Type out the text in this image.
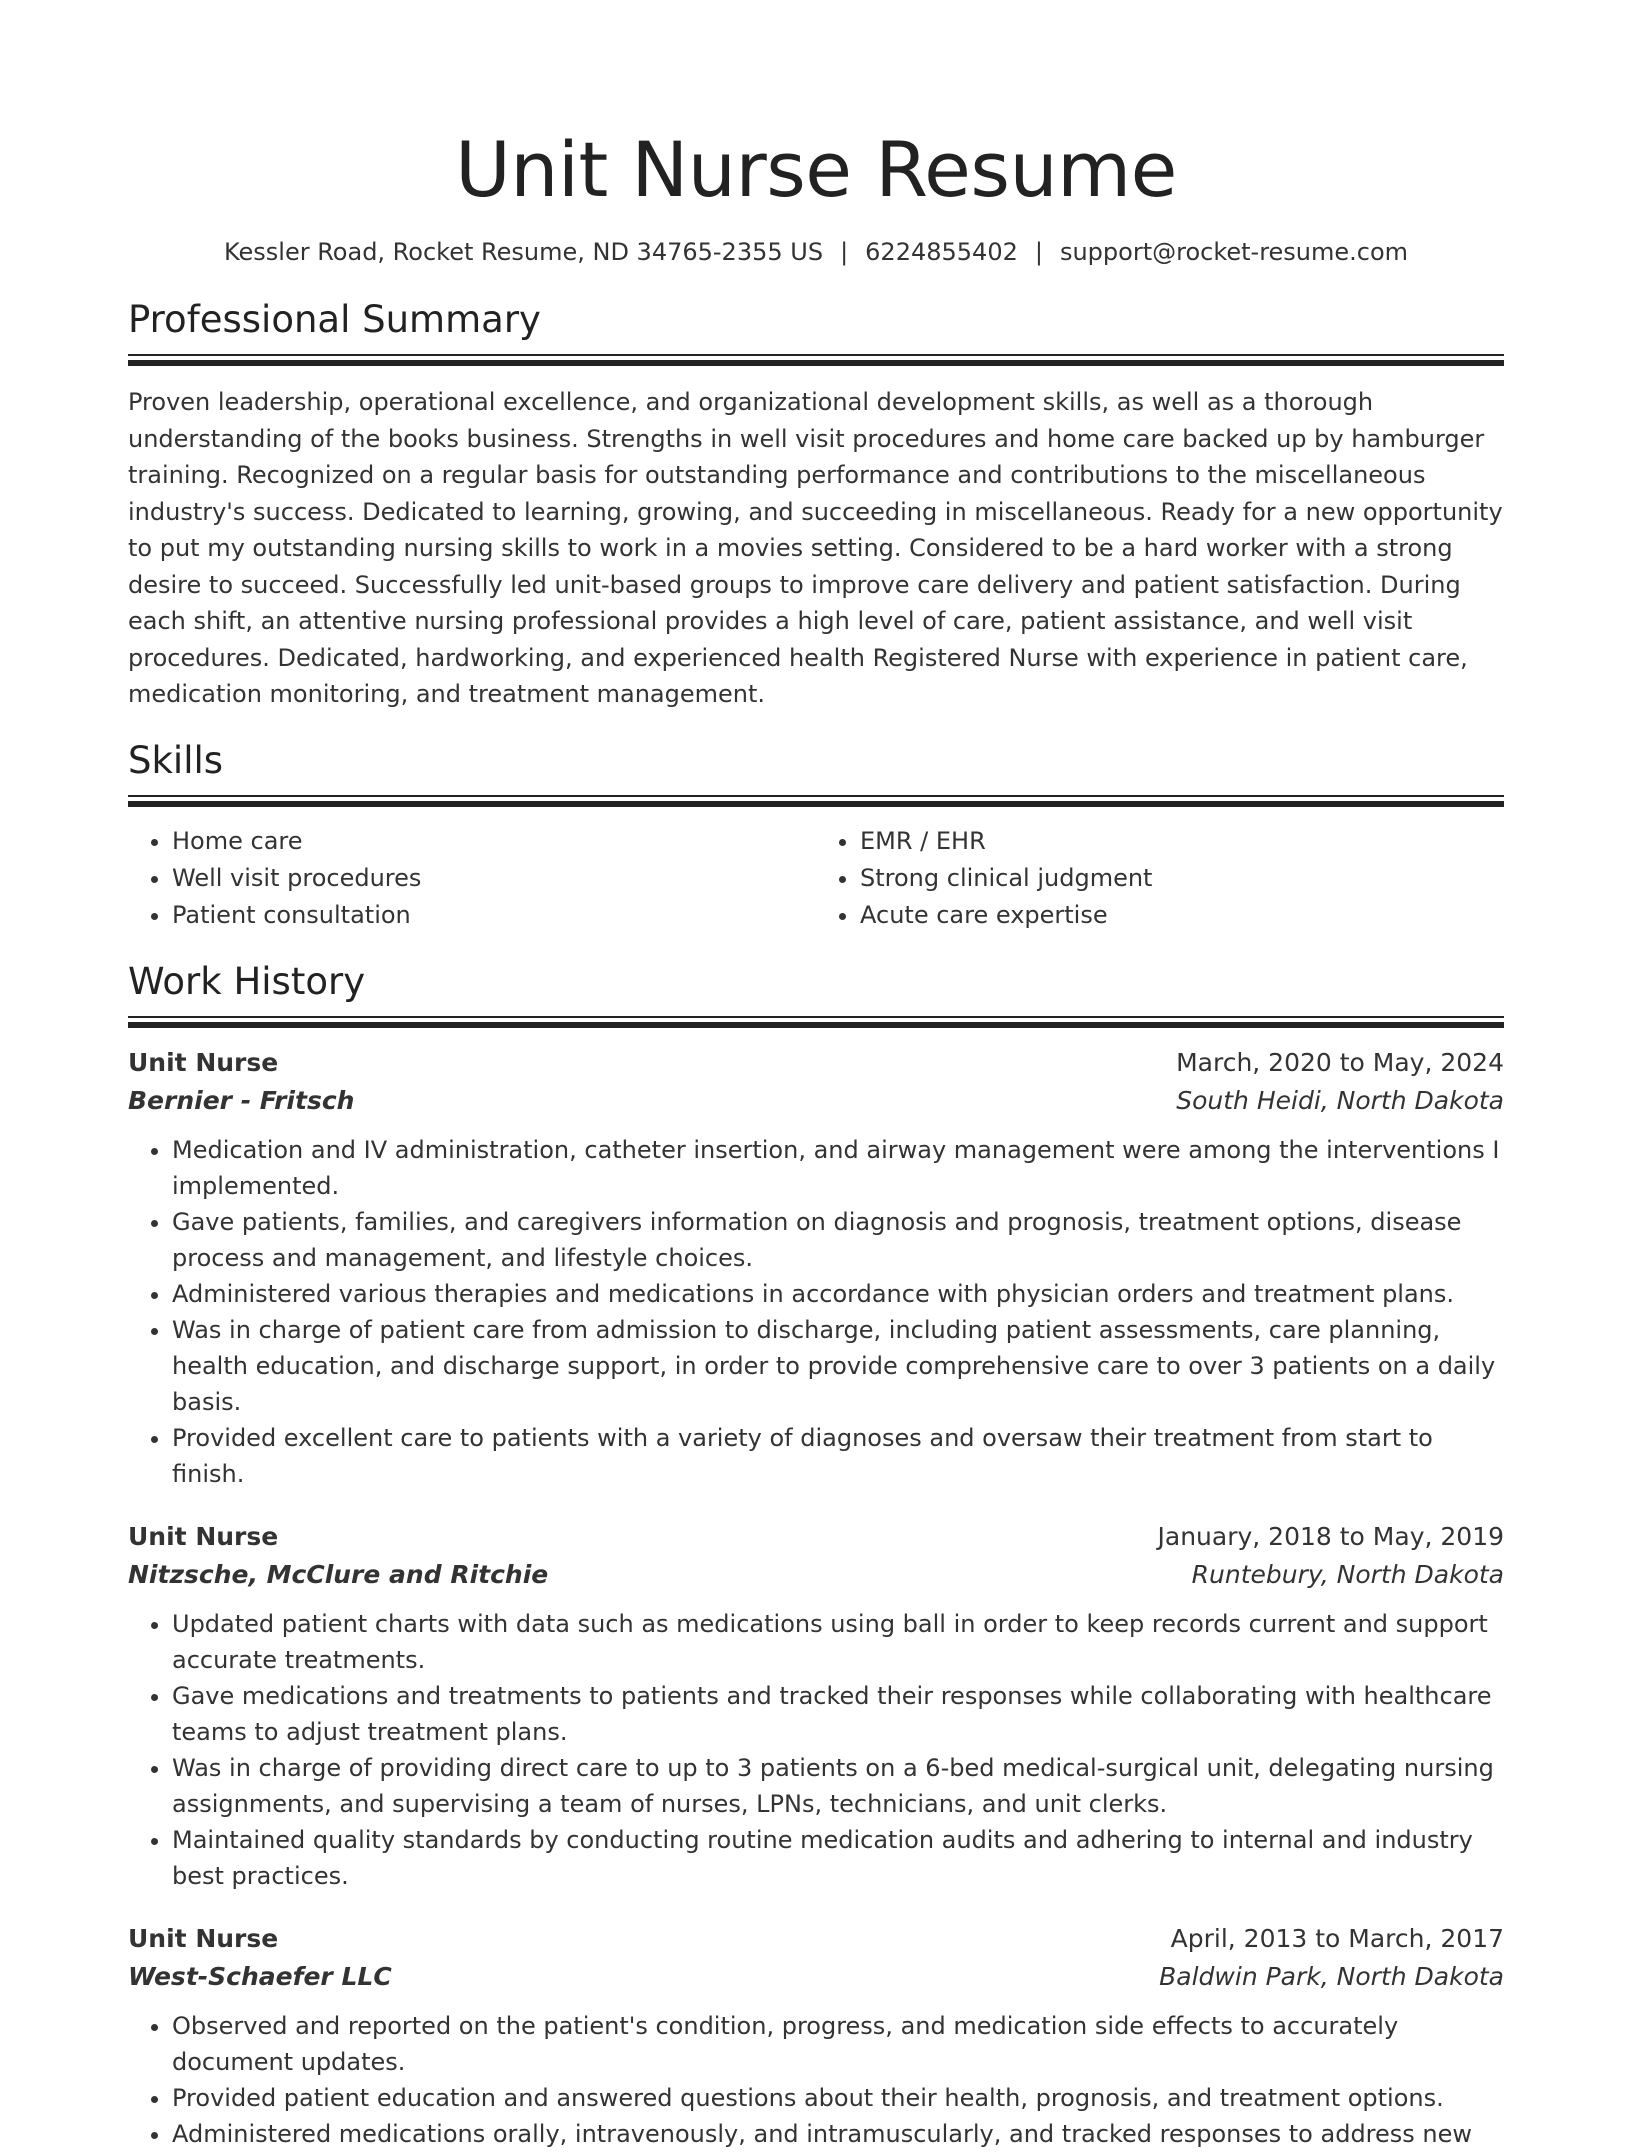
Unit Nurse Resume
Kessler Road, Rocket Resume, ND 34765-2355 US | 6224855402 | support@rocket-resume.com
Professional Summary

Proven leadership, operational excellence, and organizational development skills, as well as a thorough understanding of the books business. Strengths in well visit procedures and home care backed up by hamburger training. Recognized on a regular basis for outstanding performance and contributions to the miscellaneous industry's success. Dedicated to learning, growing, and succeeding in miscellaneous. Ready for a new opportunity to put my outstanding nursing skills to work in a movies setting. Considered to be a hard worker with a strong desire to succeed. Successfully led unit-based groups to improve care delivery and patient satisfaction. During each shift, an attentive nursing professional provides a high level of care, patient assistance, and well visit procedures. Dedicated, hardworking, and experienced health Registered Nurse with experience in patient care, medication monitoring, and treatment management.

Skills
• Home care
• Well visit procedures
• Patient consultation
• EMR / EHR
• Strong clinical judgment
• Acute care expertise
Work History
Unit Nurse	March, 2020 to May, 2024
Bernier - Fritsch	South Heidi, North Dakota
• Medication and IV administration, catheter insertion, and airway management were among the interventions I implemented.
• Gave patients, families, and caregivers information on diagnosis and prognosis, treatment options, disease process and management, and lifestyle choices.
• Administered various therapies and medications in accordance with physician orders and treatment plans.
• Was in charge of patient care from admission to discharge, including patient assessments, care planning, health education, and discharge support, in order to provide comprehensive care to over 3 patients on a daily basis.
• Provided excellent care to patients with a variety of diagnoses and oversaw their treatment from start to finish.
Unit Nurse	January, 2018 to May, 2019
Nitzsche, McClure and Ritchie	Runtebury, North Dakota
• Updated patient charts with data such as medications using ball in order to keep records current and support accurate treatments.
• Gave medications and treatments to patients and tracked their responses while collaborating with healthcare teams to adjust treatment plans.
• Was in charge of providing direct care to up to 3 patients on a 6-bed medical-surgical unit, delegating nursing assignments, and supervising a team of nurses, LPNs, technicians, and unit clerks.
• Maintained quality standards by conducting routine medication audits and adhering to internal and industry best practices.
Unit Nurse	April, 2013 to March, 2017
West-Schaefer LLC	Baldwin Park, North Dakota
• Observed and reported on the patient's condition, progress, and medication side effects to accurately document updates.
• Provided patient education and answered questions about their health, prognosis, and treatment options.
• Administered medications orally, intravenously, and intramuscularly, and tracked responses to address new
